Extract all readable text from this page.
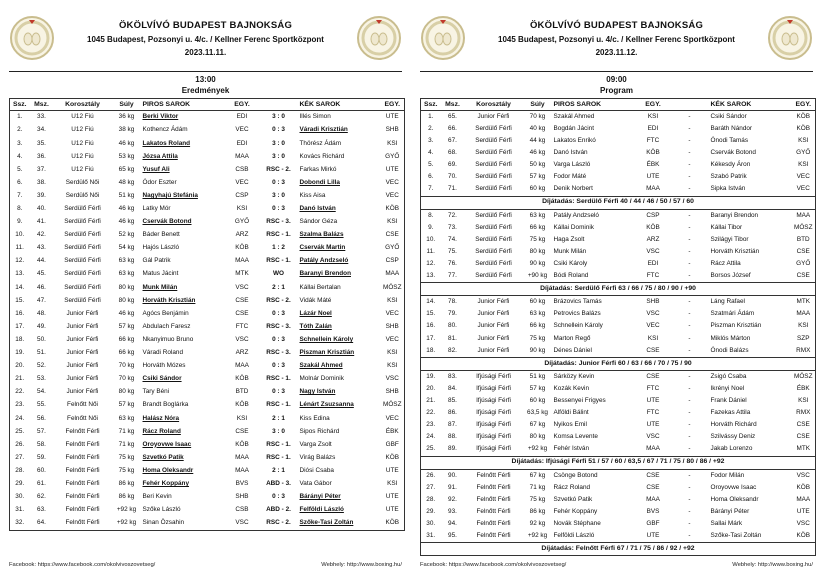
ÖKÖLVÍVÓ BUDAPEST BAJNOKSÁG
1045 Budapest, Pozsonyi u. 4/c. / Kellner Ferenc Sportközpont
2023.11.11.
13:00
Eredmények
Ssz.	Msz.	Korosztály	Súly	PIROS SAROK	EGY.		KÉK SAROK	EGY.
1.	33.	U12 Fiú	36 kg	Berki Viktor	EDI	3 : 0	Illés Simon	UTE
2.	34.	U12 Fiú	38 kg	Kothencz Ádám	VEC	0 : 3	Váradi Krisztián	SHB
3.	35.	U12 Fiú	46 kg	Lakatos Roland	EDI	3 : 0	Thörész Ádám	KSI
4.	36.	U12 Fiú	53 kg	Józsa Attila	MAA	3 : 0	Kovács Richárd	GYŐ
5.	37.	U12 Fiú	65 kg	Yusuf Ali	CSB	RSC - 2.	Farkas Mirkó	UTE
6.	38.	Serdülő Női	48 kg	Ódor Eszter	VEC	0 : 3	Dobondi Lilla	VEC
7.	39.	Serdülő Női	51 kg	Nagyhajú Stefánia	CSP	3 : 0	Kiss Aisa	VEC
8.	40.	Serdülő Férfi	46 kg	Latky Mór	KSI	0 : 3	Danó István	KÖB
9.	41.	Serdülő Férfi	46 kg	Cservák Botond	GYŐ	RSC - 3.	Sándor Géza	KSI
10.	42.	Serdülő Férfi	52 kg	Báder Benett	ARZ	RSC - 1.	Szalma Balázs	CSE
11.	43.	Serdülő Férfi	54 kg	Hajós László	KÖB	1 : 2	Cservák Martin	GYŐ
12.	44.	Serdülő Férfi	63 kg	Gál Patrik	MAA	RSC - 1.	Patály Andzseló	CSP
13.	45.	Serdülő Férfi	63 kg	Matus Jácint	MTK	WO	Baranyi Brendon	MAA
14.	46.	Serdülő Férfi	80 kg	Munk Milán	VSC	2 : 1	Kállai Bertalan	MÖSZ
15.	47.	Serdülő Férfi	80 kg	Horváth Krisztián	CSE	RSC - 2.	Vidák Máté	KSI
16.	48.	Junior Férfi	46 kg	Agócs Benjámin	CSE	0 : 3	Lázár Noel	VEC
17.	49.	Junior Férfi	57 kg	Abdulach Faresz	FTC	RSC - 3.	Tóth Zalán	SHB
18.	50.	Junior Férfi	66 kg	Nkanyimuo Bruno	VSC	0 : 3	Schnellein Károly	VEC
19.	51.	Junior Férfi	66 kg	Váradi Roland	ARZ	RSC - 3.	Piszman Krisztián	KSI
20.	52.	Junior Férfi	70 kg	Horváth Mózes	MAA	0 : 3	Szakál Ahmed	KSI
21.	53.	Junior Férfi	70 kg	Csiki Sándor	KÖB	RSC - 1.	Molnár Dominik	VSC
22.	54.	Junior Férfi	80 kg	Tary Béni	BTD	0 : 3	Nagy István	SHB
23.	55.	Felnőtt Női	57 kg	Brandt Boglárka	KÖB	RSC - 1.	Lénárt Zsuzsanna	MÖSZ
24.	56.	Felnőtt Női	63 kg	Halász Nóra	KSI	2 : 1	Kiss Edina	VEC
25.	57.	Felnőtt Férfi	71 kg	Rácz Roland	CSE	3 : 0	Sipos Richárd	ÉBK
26.	58.	Felnőtt Férfi	71 kg	Oroyovwe Isaac	KÖB	RSC - 1.	Varga Zsolt	GBF
27.	59.	Felnőtt Férfi	75 kg	Szvetkó Patik	MAA	RSC - 1.	Virág Balázs	KÖB
28.	60.	Felnőtt Férfi	75 kg	Homa Oleksandr	MAA	2 : 1	Diósi Csaba	UTE
29.	61.	Felnőtt Férfi	86 kg	Fehér Koppány	BVS	ABD - 3.	Vata Gábor	KSI
30.	62.	Felnőtt Férfi	86 kg	Beri Kevin	SHB	0 : 3	Bárányi Péter	UTE
31.	63.	Felnőtt Férfi	+92 kg	Szőke László	CSB	ABD - 2.	Felföldi László	UTE
32.	64.	Felnőtt Férfi	+92 kg	Sinan Özsahin	VSC	RSC - 2.	Szőke-Tasi Zoltán	KÖB
Facebook: https://www.facebook.com/okolvivoszovetseg/	Webhely: http://www.boxing.hu/
ÖKÖLVÍVÓ BUDAPEST BAJNOKSÁG
1045 Budapest, Pozsonyi u. 4/c. / Kellner Ferenc Sportközpont
2023.11.12.
09:00
Program
Ssz.	Msz.	Korosztály	Súly	PIROS SAROK	EGY.		KÉK SAROK	EGY.
1.	65.	Junior Férfi	70 kg	Szakál Ahmed	KSI	-	Csiki Sándor	KÖB
2.	66.	Serdülő Férfi	40 kg	Bogdán Jácint	EDI	-	Baráth Nándor	KÖB
3.	67.	Serdülő Férfi	44 kg	Lakatos Enrikó	FTC	-	Ónodi Tamás	KSI
4.	68.	Serdülő Férfi	46 kg	Danó István	KÖB	-	Cservák Botond	GYŐ
5.	69.	Serdülő Férfi	50 kg	Varga László	ÉBK	-	Kékesdy Áron	KSI
6.	70.	Serdülő Férfi	57 kg	Fodor Máté	UTE	-	Szabó Patrik	VEC
7.	71.	Serdülő Férfi	60 kg	Denik Norbert	MAA	-	Sipka István	VEC
Díjátadás: Serdülő Férfi 40 / 44 / 46 / 50 / 57 / 60								
8.	72.	Serdülő Férfi	63 kg	Patály Andzseló	CSP	-	Baranyi Brendon	MAA
9.	73.	Serdülő Férfi	66 kg	Kállai Dominik	KÖB	-	Kállai Tibor	MÖSZ
10.	74.	Serdülő Férfi	75 kg	Haga Zsolt	ARZ	-	Szilágyi Tibor	BTD
11.	75.	Serdülő Férfi	80 kg	Munk Milán	VSC	-	Horváth Krisztián	CSE
12.	76.	Serdülő Férfi	90 kg	Csiki Károly	EDI	-	Rácz Attila	GYŐ
13.	77.	Serdülő Férfi	+90 kg	Bódi Roland	FTC	-	Borsos József	CSE
Díjátadás: Serdülő Férfi 63 / 66 / 75 / 80 / 90 / +90								
14.	78.	Junior Férfi	60 kg	Brázovics Tamás	SHB	-	Láng Rafael	MTK
15.	79.	Junior Férfi	63 kg	Petrovics Balázs	VSC	-	Szatmári Ádám	MAA
16.	80.	Junior Férfi	66 kg	Schnellein Károly	VEC	-	Piszman Krisztián	KSI
17.	81.	Junior Férfi	75 kg	Marton Regő	KSI	-	Miklós Márton	SZP
18.	82.	Junior Férfi	90 kg	Dénes Dániel	CSE	-	Ónodi Balázs	RMX
Díjátadás: Junior Férfi 60 / 63 / 66 / 70 / 75 / 90								
19.	83.	Ifjúsági Férfi	51 kg	Sárközy Kevin	CSE	-	Zsigó Csaba	MÖSZ
20.	84.	Ifjúsági Férfi	57 kg	Kozák Kevin	FTC	-	Ikrényi Noel	ÉBK
21.	85.	Ifjúsági Férfi	60 kg	Bessenyei Frigyes	UTE	-	Frank Dániel	KSI
22.	86.	Ifjúsági Férfi	63,5 kg	Alföldi Bálint	FTC	-	Fazekas Attila	RMX
23.	87.	Ifjúsági Férfi	67 kg	Nyikos Emil	UTE	-	Horváth Richárd	CSE
24.	88.	Ifjúsági Férfi	80 kg	Komsa Levente	VSC	-	Szilvássy Deniz	CSE
25.	89.	Ifjúsági Férfi	+92 kg	Fehér István	MAA	-	Jakab Lorenzo	MTK
Díjátadás: Ifjúsági Férfi 51 / 57 / 60 / 63,5 / 67 / 71 / 75 / 80 / 86 / +92								
26.	90.	Felnőtt Férfi	67 kg	Csönge Botond	CSE	-	Fodor Milán	VSC
27.	91.	Felnőtt Férfi	71 kg	Rácz Roland	CSE	-	Oroyovwe Isaac	KÖB
28.	92.	Felnőtt Férfi	75 kg	Szvetkó Patik	MAA	-	Homa Oleksandr	MAA
29.	93.	Felnőtt Férfi	86 kg	Fehér Koppány	BVS	-	Bárányi Péter	UTE
30.	94.	Felnőtt Férfi	92 kg	Novák Stéphane	GBF	-	Sallai Márk	VSC
31.	95.	Felnőtt Férfi	+92 kg	Felföldi László	UTE	-	Szőke-Tasi Zoltán	KÖB
Díjátadás: Felnőtt Férfi 67 / 71 / 75 / 86 / 92 / +92								
Facebook: https://www.facebook.com/okolvivoszovetseg/	Webhely: http://www.boxing.hu/
